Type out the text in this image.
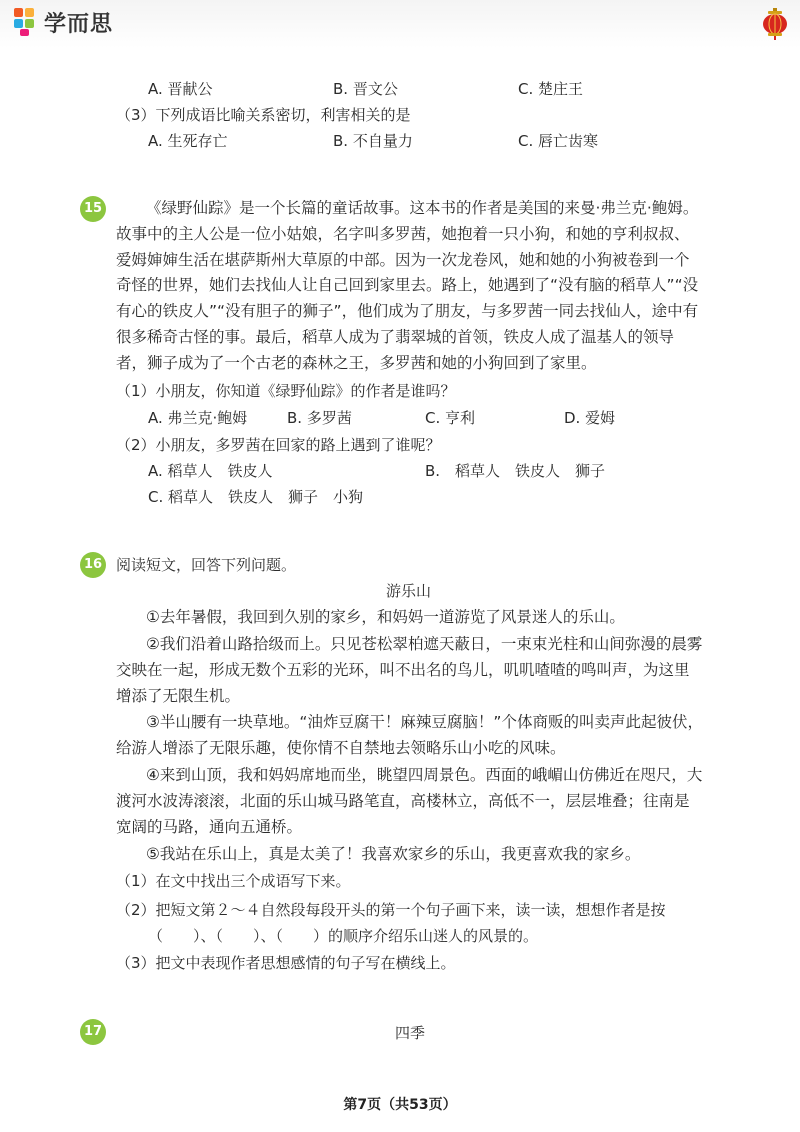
学而思
A. 晋献公	B. 晋文公	C. 楚庄王
（3）下列成语比喻关系密切，利害相关的是
A. 生死存亡	B. 不自量力	C. 唇亡齿寒
15	《绿野仙踪》是一个长篇的童话故事。这本书的作者是美国的来曼·弗兰克·鲍姆。故事中的主人公是一位小姑娘，名字叫多罗茜，她抱着一只小狗，和她的亨利叔叔、爱姆婶婶生活在堪萨斯州大草原的中部。因为一次龙卷风，她和她的小狗被卷到一个奇怪的世界，她们去找仙人让自己回到家里去。路上，她遇到了“没有脑的稻草人”“没有心的铁皮人”“没有胆子的狮子”，他们成为了朋友，与多罗茜一同去找仙人，途中有很多稀奇古怪的事。最后，稻草人成为了翡翠城的首领，铁皮人成了温基人的领导者，狮子成为了一个古老的森林之王，多罗茜和她的小狗回到了家里。
（1）小朋友，你知道《绿野仙踪》的作者是谁吗？
A. 弗兰克·鲍姆	B. 多罗茜	C. 亨利	D. 爱姆
（2）小朋友，多罗茜在回家的路上遇到了谁呢？
A. 稻草人　铁皮人	B.　稻草人　铁皮人　狮子
C. 稻草人　铁皮人　狮子　小狗
16 阅读短文，回答下列问题。
游乐山
①去年暑假，我回到久别的家乡，和妈妈一道游览了风景迷人的乐山。
②我们沿着山路拾级而上。只见苍松翠柏遮天蔽日，一束束光柱和山间弥漫的晨雾交映在一起，形成无数个五彩的光环，叫不出名的鸟儿，叽叽喳喳的鸣叫声，为这里增添了无限生机。
③半山腰有一块草地。“油炸豆腐干！麻辣豆腐脑！”个体商贩的叫卖声此起彼伏，给游人增添了无限乐趣，使你情不自禁地去领略乐山小吃的风味。
④来到山顶，我和妈妈席地而坐，眺望四周景色。西面的峨嵋山仿佛近在咫尺，大渡河水波涛滚滚，北面的乐山城马路笔直，高楼林立，高低不一，层层堆叠；往南是宽阔的马路，通向五通桥。
⑤我站在乐山上，真是太美了！我喜欢家乡的乐山，我更喜欢我的家乡。
（1）在文中找出三个成语写下来。
（2）把短文第２～４自然段每段开头的第一个句子画下来，读一读，想想作者是按
（　　）、（　　）、（　　）的顺序介绍乐山迷人的风景的。
（3）把文中表现作者思想感情的句子写在横线上。
17	四季
第7页（共53页）
